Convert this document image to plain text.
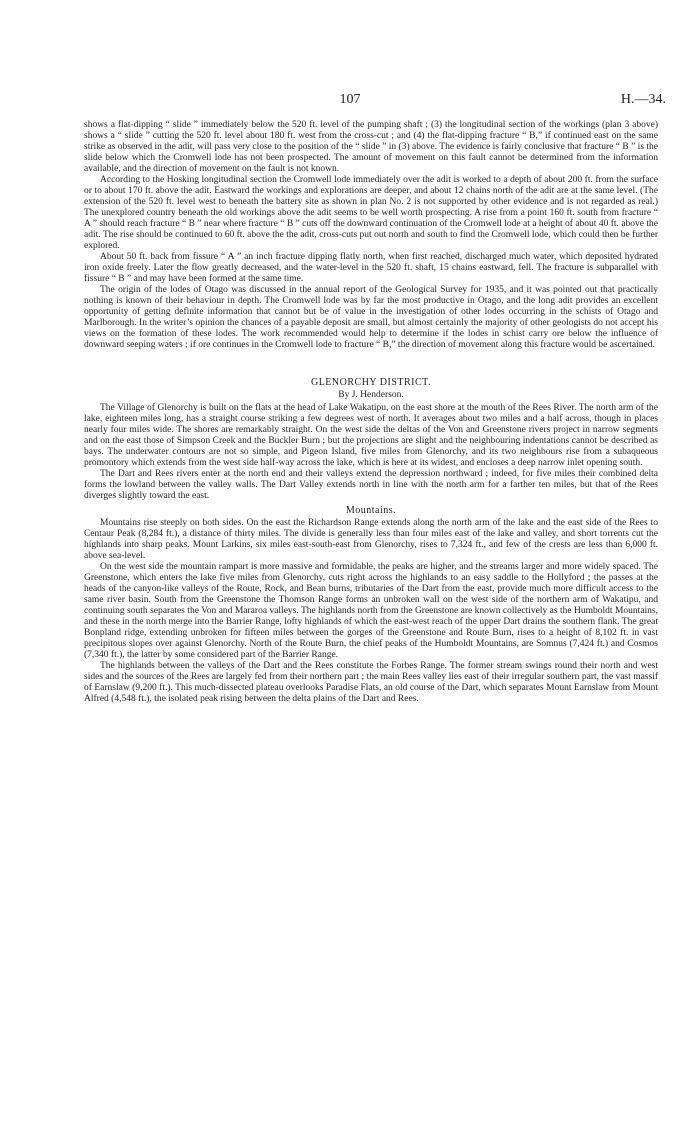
107	H.—34.

shows a flat-dipping “ slide ” immediately below the 520 ft. level of the pumping shaft ; (3) the longitudinal section of the workings (plan 3 above) shows a “ slide ” cutting the 520 ft. level about 180 ft. west from the cross-cut ; and (4) the flat-dipping fracture “ B,” if continued east on the same strike as observed in the adit, will pass very close to the position of the “ slide ” in (3) above. The evidence is fairly conclusive that fracture “ B ” is the slide below which the Cromwell lode has not been prospected. The amount of movement on this fault cannot be determined from the information available, and the direction of movement on the fault is not known.

According to the Hosking longitudinal section the Cromwell lode immediately over the adit is worked to a depth of about 200 ft. from the surface or to about 170 ft. above the adit. Eastward the workings and explorations are deeper, and about 12 chains north of the adit are at the same level. (The extension of the 520 ft. level west to beneath the battery site as shown in plan No. 2 is not supported by other evidence and is not regarded as real.) The unexplored country beneath the old workings above the adit seems to be well worth prospecting. A rise from a point 160 ft. south from fracture “ A ” should reach fracture “ B ” near where fracture “ B ” cuts off the downward continuation of the Cromwell lode at a height of about 40 ft. above the adit. The rise should be continued to 60 ft. above the the adit, cross-cuts put out north and south to find the Cromwell lode, which could then be further explored.

About 50 ft. back from fissure “ A ” an inch fracture dipping flatly north, when first reached, discharged much water, which deposited hydrated iron oxide freely. Later the flow greatly decreased, and the water-level in the 520 ft. shaft, 15 chains eastward, fell. The fracture is subparallel with fissure “ B ” and may have been formed at the same time.

The origin of the lodes of Otago was discussed in the annual report of the Geological Survey for 1935, and it was pointed out that practically nothing is known of their behaviour in depth. The Cromwell lode was by far the most productive in Otago, and the long adit provides an excellent opportunity of getting definite information that cannot but be of value in the investigation of other lodes occurring in the schists of Otago and Marlborough. In the writer’s opinion the chances of a payable deposit are small, but almost certainly the majority of other geologists do not accept his views on the formation of these lodes. The work recommended would help to determine if the lodes in schist carry ore below the influence of downward seeping waters ; if ore continues in the Cromwell lode to fracture “ B,” the direction of movement along this fracture would be ascertained.

GLENORCHY DISTRICT.
By J. Henderson.

The Village of Glenorchy is built on the flats at the head of Lake Wakatipu, on the east shore at the mouth of the Rees River. The north arm of the lake, eighteen miles long, has a straight course striking a few degrees west of north. It averages about two miles and a half across, though in places nearly four miles wide. The shores are remarkably straight. On the west side the deltas of the Von and Greenstone rivers project in narrow segments and on the east those of Simpson Creek and the Buckler Burn ; but the projections are slight and the neighbouring indentations cannot be described as bays. The underwater contours are not so simple, and Pigeon Island, five miles from Glenorchy, and its two neighbours rise from a subaqueous promontory which extends from the west side half-way across the lake, which is here at its widest, and encloses a deep narrow inlet opening south.

The Dart and Rees rivers enter at the north end and their valleys extend the depression northward ; indeed, for five miles their combined delta forms the lowland between the valley walls. The Dart Valley extends north in line with the north arm for a farther ten miles, but that of the Rees diverges slightly toward the east.

Mountains.

Mountains rise steeply on both sides. On the east the Richardson Range extends along the north arm of the lake and the east side of the Rees to Centaur Peak (8,284 ft.), a distance of thirty miles. The divide is generally less than four miles east of the lake and valley, and short torrents cut the highlands into sharp peaks. Mount Larkins, six miles east-south-east from Glenorchy, rises to 7,324 ft., and few of the crests are less than 6,000 ft. above sea-level.

On the west side the mountain rampart is more massive and formidable, the peaks are higher, and the streams larger and more widely spaced. The Greenstone, which enters the lake five miles from Glenorchy, cuts right across the highlands to an easy saddle to the Hollyford ; the passes at the heads of the canyon-like valleys of the Route, Rock, and Bean burns, tributaries of the Dart from the east, provide much more difficult access to the same river basin. South from the Greenstone the Thomson Range forms an unbroken wall on the west side of the northern arm of Wakatipu, and continuing south separates the Von and Mararoa valleys. The highlands north from the Greenstone are known collectively as the Humboldt Mountains, and these in the north merge into the Barrier Range, lofty highlands of which the east-west reach of the upper Dart drains the southern flank. The great Bonpland ridge, extending unbroken for fifteen miles between the gorges of the Greenstone and Route Burn, rises to a height of 8,102 ft. in vast precipitous slopes over against Glenorchy. North of the Route Burn, the chief peaks of the Humboldt Mountains, are Somnus (7,424 ft.) and Cosmos (7,340 ft.), the latter by some considered part of the Barrier Range.

The highlands between the valleys of the Dart and the Rees constitute the Forbes Range. The former stream swings round their north and west sides and the sources of the Rees are largely fed from their northern part ; the main Rees valley lies east of their irregular southern part, the vast massif of Earnslaw (9,200 ft.). This much-dissected plateau overlooks Paradise Flats, an old course of the Dart, which separates Mount Earnslaw from Mount Alfred (4,548 ft.), the isolated peak rising between the delta plains of the Dart and Rees.
